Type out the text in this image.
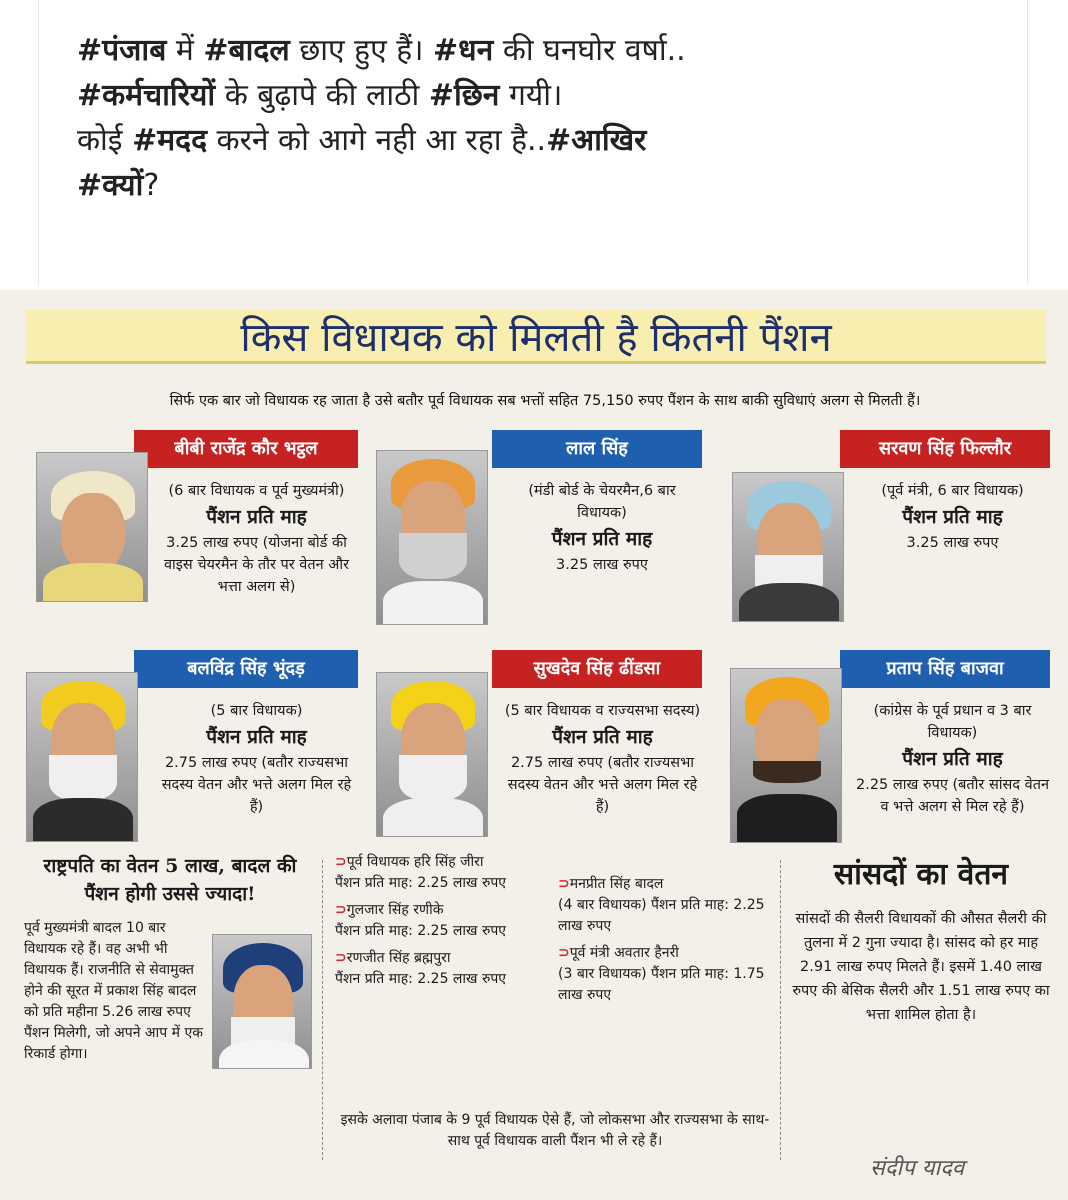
#पंजाब में #बादल छाए हुए हैं। #धन की घनघोर वर्षा..

#कर्मचारियों के बुढ़ापे की लाठी #छिन गयी।

कोई #मदद करने को आगे नही आ रहा है..#आखिर

#क्यों?

किस विधायक को मिलती है कितनी पैंशन
सिर्फ एक बार जो विधायक रह जाता है उसे बतौर पूर्व विधायक सब भत्तों सहित 75,150 रुपए पैंशन के साथ बाकी सुविधाएं अलग से मिलती हैं।
बीबी राजेंद्र कौर भट्ठल
(6 बार विधायक व पूर्व मुख्यमंत्री)
पैंशन प्रति माह
3.25 लाख रुपए (योजना बोर्ड की वाइस चेयरमैन के तौर पर वेतन और भत्ता अलग से)
लाल सिंह
(मंडी बोर्ड के चेयरमैन,6 बार विधायक)
पैंशन प्रति माह
3.25 लाख रुपए
सरवण सिंह फिल्लौर
(पूर्व मंत्री, 6 बार विधायक)
पैंशन प्रति माह
3.25 लाख रुपए
बलविंद्र सिंह भूंदड़
(5 बार विधायक)
पैंशन प्रति माह
2.75 लाख रुपए (बतौर राज्यसभा सदस्य वेतन और भत्ते अलग मिल रहे हैं)
सुखदेव सिंह ढींडसा
(5 बार विधायक व राज्यसभा सदस्य)
पैंशन प्रति माह
2.75 लाख रुपए (बतौर राज्यसभा सदस्य वेतन और भत्ते अलग मिल रहे हैं)
प्रताप सिंह बाजवा
(कांग्रेस के पूर्व प्रधान व 3 बार विधायक)
पैंशन प्रति माह
2.25 लाख रुपए (बतौर सांसद वेतन व भत्ते अलग से मिल रहे हैं)
राष्ट्रपति का वेतन 5 लाख, बादल की पैंशन होगी उससे ज्यादा!
पूर्व मुख्यमंत्री बादल 10 बार विधायक रहे हैं। वह अभी भी विधायक हैं। राजनीति से सेवामुक्त होने की सूरत में प्रकाश सिंह बादल को प्रति महीना 5.26 लाख रुपए पैंशन मिलेगी, जो अपने आप में एक रिकार्ड होगा।
⊃पूर्व विधायक हरि सिंह जीरा
पैंशन प्रति माह: 2.25 लाख रुपए
⊃गुलजार सिंह रणीके
पैंशन प्रति माह: 2.25 लाख रुपए
⊃रणजीत सिंह ब्रह्मपुरा
पैंशन प्रति माह: 2.25 लाख रुपए
⊃मनप्रीत सिंह बादल
(4 बार विधायक) पैंशन प्रति माह: 2.25 लाख रुपए
⊃पूर्व मंत्री अवतार हैनरी
(3 बार विधायक) पैंशन प्रति माह: 1.75 लाख रुपए
इसके अलावा पंजाब के 9 पूर्व विधायक ऐसे हैं, जो लोकसभा और राज्यसभा के साथ-साथ पूर्व विधायक वाली पैंशन भी ले रहे हैं।
सांसदों का वेतन
सांसदों की सैलरी विधायकों की औसत सैलरी की तुलना में 2 गुना ज्यादा है। सांसद को हर माह 2.91 लाख रुपए मिलते हैं। इसमें 1.40 लाख रुपए की बेसिक सैलरी और 1.51 लाख रुपए का भत्ता शामिल होता है।
संदीप यादव
